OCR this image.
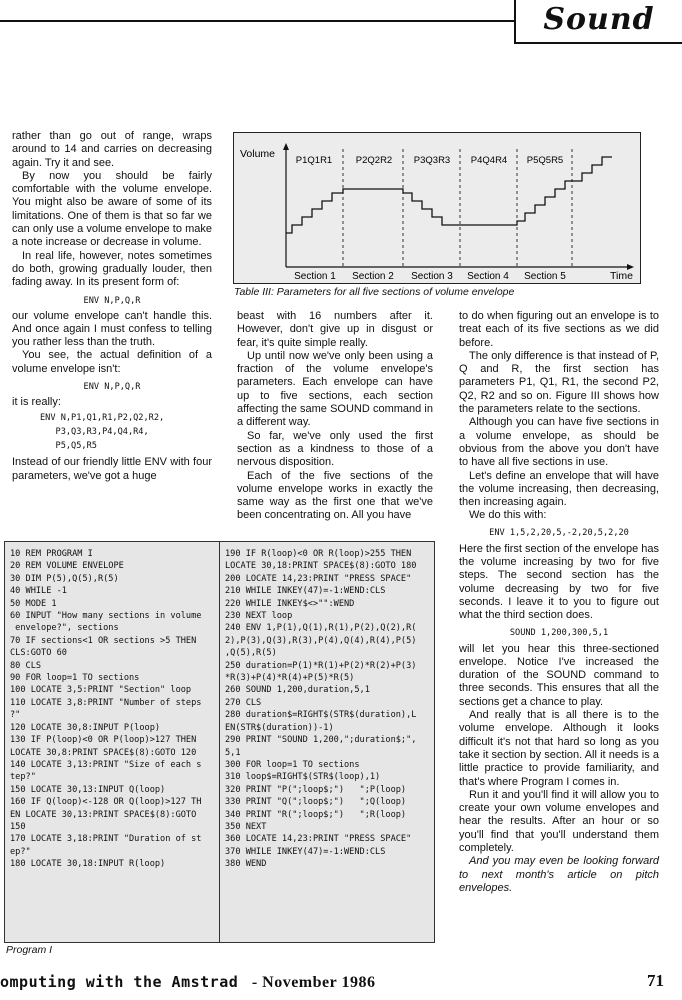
Sound

rather than go out of range, wraps around to 14 and carries on decreasing again. Try it and see.

By now you should be fairly comfortable with the volume envelope. You might also be aware of some of its limitations. One of them is that so far we can only use a volume envelope to make a note increase or decrease in volume.

In real life, however, notes sometimes do both, growing gradually louder, then fading away. In its present form of:

ENV N,P,Q,R

our volume envelope can't handle this. And once again I must confess to telling you rather less than the truth.

You see, the actual definition of a volume envelope isn't:

ENV N,P,Q,R

it is really:

ENV N,P1,Q1,R1,P2,Q2,R2,
P3,Q3,R3,P4,Q4,R4,
P5,Q5,R5

Instead of our friendly little ENV with four parameters, we've got a huge

P1Q1R1 P2Q2R2 P3Q3R3 P4Q4R4 P5Q5R5
Volume
Time
Section 1 Section 2 Section 3 Section 4 Section 5
Table III: Parameters for all five sections of volume envelope

beast with 16 numbers after it. However, don't give up in disgust or fear, it's quite simple really.

Up until now we've only been using a fraction of the volume envelope's parameters. Each envelope can have up to five sections, each section affecting the same SOUND command in a different way.

So far, we've only used the first section as a kindness to those of a nervous disposition.

Each of the five sections of the volume envelope works in exactly the same way as the first one that we've been concentrating on. All you have

to do when figuring out an envelope is to treat each of its five sections as we did before.

The only difference is that instead of P, Q and R, the first section has parameters P1, Q1, R1, the second P2, Q2, R2 and so on. Figure III shows how the parameters relate to the sections.

Although you can have five sections in a volume envelope, as should be obvious from the above you don't have to have all five sections in use.

Let's define an envelope that will have the volume increasing, then decreasing, then increasing again.

We do this with:

ENV 1,5,2,20,5,-2,20,5,2,20

Here the first section of the envelope has the volume increasing by two for five steps. The second section has the volume decreasing by two for five seconds. I leave it to you to figure out what the third section does.

SOUND 1,200,300,5,1

will let you hear this three-sectioned envelope. Notice I've increased the duration of the SOUND command to three seconds. This ensures that all the sections get a chance to play.

And really that is all there is to the volume envelope. Although it looks difficult it's not that hard so long as you take it section by section. All it needs is a little practice to provide familiarity, and that's where Program I comes in.

Run it and you'll find it will allow you to create your own volume envelopes and hear the results. After an hour or so you'll find that you'll understand them completely.

And you may even be looking forward to next month's article on pitch envelopes.

10 REM PROGRAM I
20 REM VOLUME ENVELOPE
30 DIM P(5),Q(5),R(5)
40 WHILE -1
50 MODE 1
60 INPUT "How many sections in volume
envelope?", sections
70 IF sections<1 OR sections >5 THEN
CLS:GOTO 60
80 CLS
90 FOR loop=1 TO sections
100 LOCATE 3,5:PRINT "Section" loop
110 LOCATE 3,8:PRINT "Number of steps
?"
120 LOCATE 30,8:INPUT P(loop)
130 IF P(loop)<0 OR P(loop)>127 THEN
LOCATE 30,8:PRINT SPACE$(8):GOTO 120
140 LOCATE 3,13:PRINT "Size of each s
tep?"
150 LOCATE 30,13:INPUT Q(loop)
160 IF Q(loop)<-128 OR Q(loop)>127 TH
EN LOCATE 30,13:PRINT SPACE$(8):GOTO
150
170 LOCATE 3,18:PRINT "Duration of st
ep?"
180 LOCATE 30,18:INPUT R(loop)
190 IF R(loop)<0 OR R(loop)>255 THEN
LOCATE 30,18:PRINT SPACE$(8):GOTO 180
200 LOCATE 14,23:PRINT "PRESS SPACE"
210 WHILE INKEY(47)=-1:WEND:CLS
220 WHILE INKEY$<>"":WEND
230 NEXT loop
240 ENV 1,P(1),Q(1),R(1),P(2),Q(2),R(
2),P(3),Q(3),R(3),P(4),Q(4),R(4),P(5)
,Q(5),R(5)
250 duration=P(1)*R(1)+P(2)*R(2)+P(3)
*R(3)+P(4)*R(4)+P(5)*R(5)
260 SOUND 1,200,duration,5,1
270 CLS
280 duration$=RIGHT$(STR$(duration),L
EN(STR$(duration))-1)
290 PRINT "SOUND 1,200,";duration$;",
5,1
300 FOR loop=1 TO sections
310 loop$=RIGHT$(STR$(loop),1)
320 PRINT "P(";loop$;")   ";P(loop)
330 PRINT "Q(";loop$;")   ";Q(loop)
340 PRINT "R(";loop$;")   ";R(loop)
350 NEXT
360 LOCATE 14,23:PRINT "PRESS SPACE"
370 WHILE INKEY(47)=-1:WEND:CLS
380 WEND
Program I
omputing with the Amstrad - November 1986	71
